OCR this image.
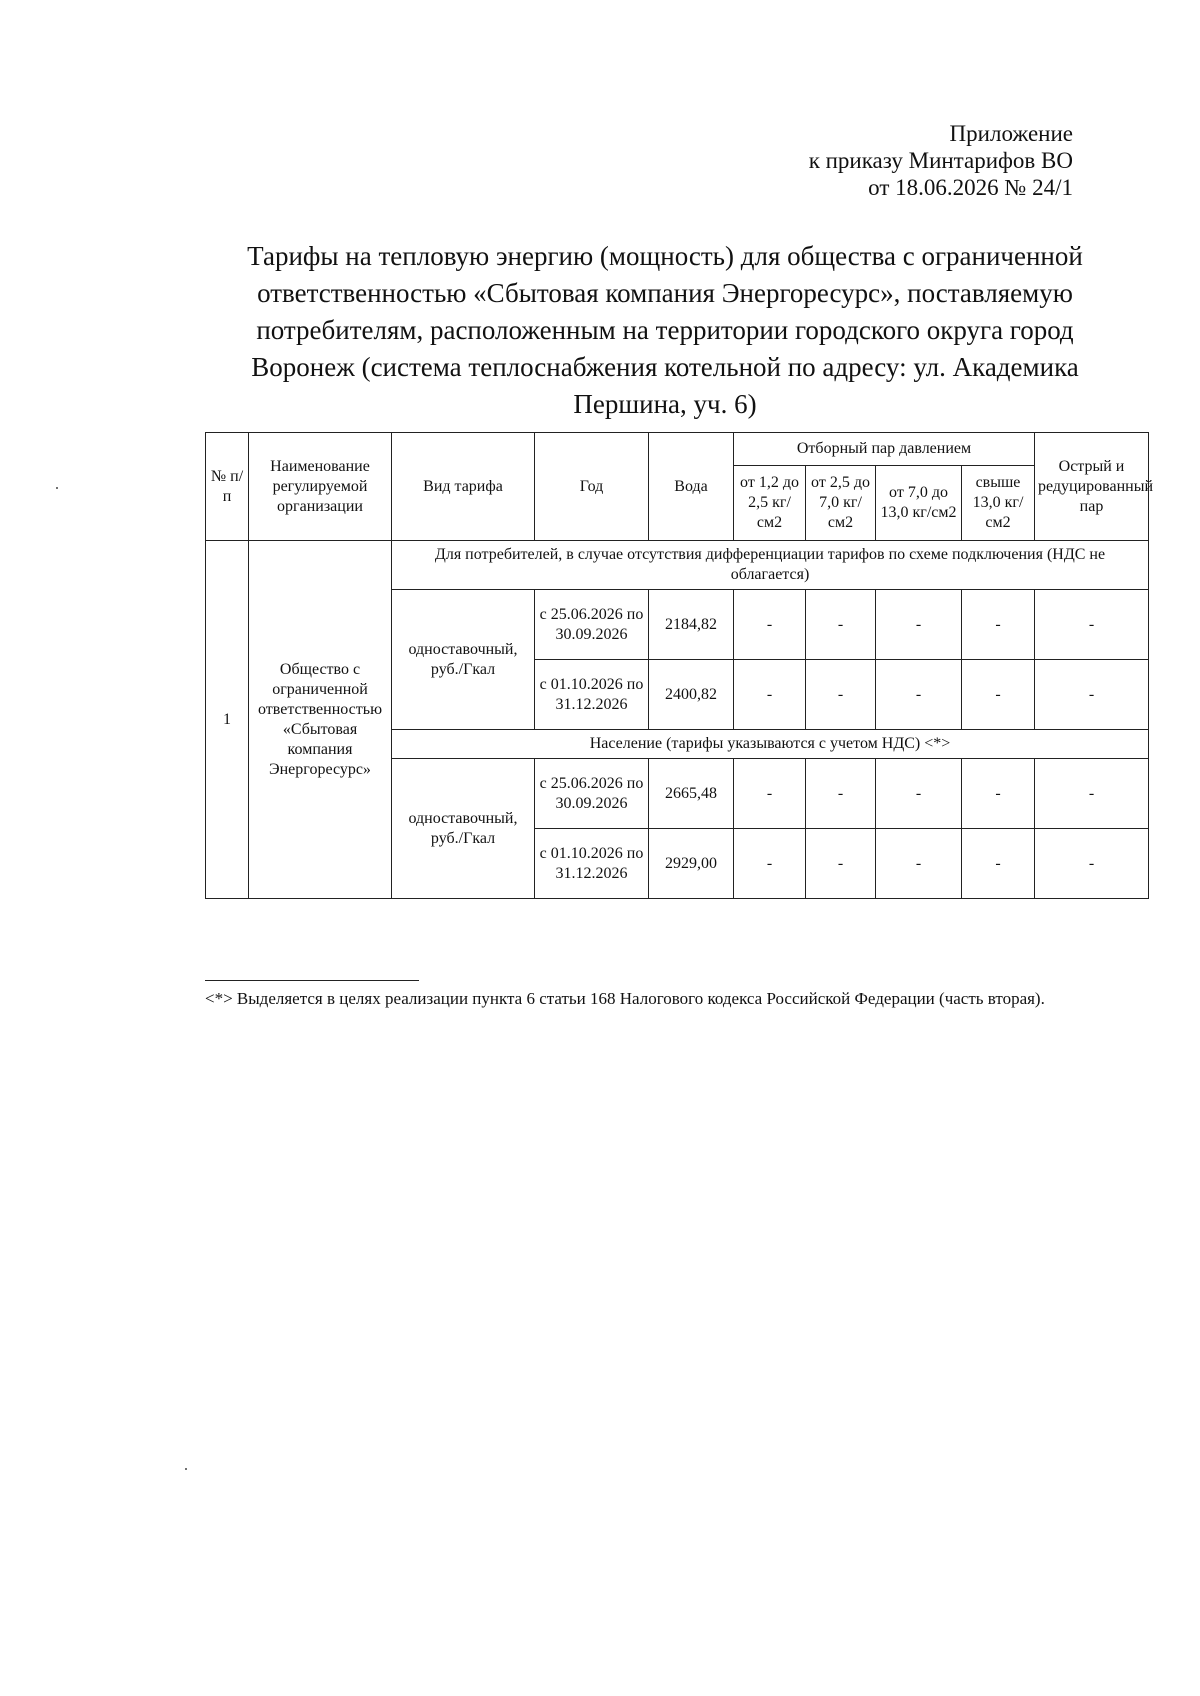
Приложение
к приказу Минтарифов ВО
от 18.06.2026 № 24/1
Тарифы на тепловую энергию (мощность) для общества с ограниченной ответственностью «Сбытовая компания Энергоресурс», поставляемую потребителям, расположенным на территории городского округа город Воронеж (система теплоснабжения котельной по адресу: ул. Академика Першина, уч. 6)
№ п/п	Наименование регулируемой организации	Вид тарифа	Год	Вода	Отборный пар давлением				Острый и редуцированный пар
					от 1,2 до 2,5 кг/см2	от 2,5 до 7,0 кг/см2	от 7,0 до 13,0 кг/см2	свыше 13,0 кг/см2	
1	Общество с ограниченной ответственностью «Сбытовая компания Энергоресурс»	Для потребителей, в случае отсутствия дифференциации тарифов по схеме подключения (НДС не облагается)							
		одноставочный, руб./Гкал	с 25.06.2026 по 30.09.2026	2184,82	-	-	-	-	-
			с 01.10.2026 по 31.12.2026	2400,82	-	-	-	-	-
		Население (тарифы указываются с учетом НДС) <*>							
		одноставочный, руб./Гкал	с 25.06.2026 по 30.09.2026	2665,48	-	-	-	-	-
			с 01.10.2026 по 31.12.2026	2929,00	-	-	-	-	-
<*> Выделяется в целях реализации пункта 6 статьи 168 Налогового кодекса Российской Федерации (часть вторая).
